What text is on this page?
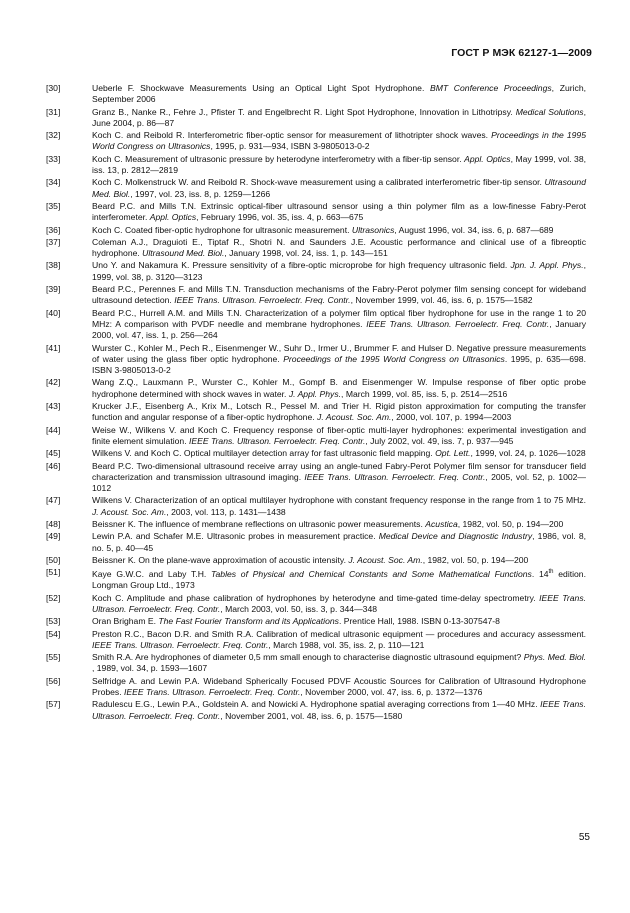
ГОСТ Р МЭК 62127-1—2009
[30]	Ueberle F. Shockwave Measurements Using an Optical Light Spot Hydrophone. BMT Conference Proceedings, Zurich, September 2006
[31]	Granz B., Nanke R., Fehre J., Pfister T. and Engelbrecht R. Light Spot Hydrophone, Innovation in Lithotripsy. Medical Solutions, June 2004, p. 86—87
[32]	Koch C. and Reibold R. Interferometric fiber-optic sensor for measurement of lithotripter shock waves. Proceedings in the 1995 World Congress on Ultrasonics, 1995, p. 931—934, ISBN 3-9805013-0-2
[33]	Koch C. Measurement of ultrasonic pressure by heterodyne interferometry with a fiber-tip sensor. Appl. Optics, May 1999, vol. 38, iss. 13, p. 2812—2819
[34]	Koch C. Molkenstruck W. and Reibold R. Shock-wave measurement using a calibrated interferometric fiber-tip sensor. Ultrasound Med. Biol., 1997, vol. 23, iss. 8, p. 1259—1266
[35]	Beard P.C. and Mills T.N. Extrinsic optical-fiber ultrasound sensor using a thin polymer film as a low-finesse Fabry-Perot interferometer. Appl. Optics, February 1996, vol. 35, iss. 4, p. 663—675
[36]	Koch C. Coated fiber-optic hydrophone for ultrasonic measurement. Ultrasonics, August 1996, vol. 34, iss. 6, p. 687—689
[37]	Coleman A.J., Draguioti E., Tiptaf R., Shotri N. and Saunders J.E. Acoustic performance and clinical use of a fibreoptic hydrophone. Ultrasound Med. Biol., January 1998, vol. 24, iss. 1, p. 143—151
[38]	Uno Y. and Nakamura K. Pressure sensitivity of a fibre-optic microprobe for high frequency ultrasonic field. Jpn. J. Appl. Phys., 1999, vol. 38, p. 3120—3123
[39]	Beard P.C., Perennes F. and Mills T.N. Transduction mechanisms of the Fabry-Perot polymer film sensing concept for wideband ultrasound detection. IEEE Trans. Ultrason. Ferroelectr. Freq. Contr., November 1999, vol. 46, iss. 6, p. 1575—1582
[40]	Beard P.C., Hurrell A.M. and Mills T.N. Characterization of a polymer film optical fiber hydrophone for use in the range 1 to 20 MHz: A comparison with PVDF needle and membrane hydrophones. IEEE Trans. Ultrason. Ferroelectr. Freq. Contr., January 2000, vol. 47, iss. 1, p. 256—264
[41]	Wurster C., Kohler M., Pech R., Eisenmenger W., Suhr D., Irmer U., Brummer F. and Hulser D. Negative pressure measurements of water using the glass fiber optic hydrophone. Proceedings of the 1995 World Congress on Ultrasonics. 1995, p. 635—698. ISBN 3-9805013-0-2
[42]	Wang Z.Q., Lauxmann P., Wurster C., Kohler M., Gompf B. and Eisenmenger W. Impulse response of fiber optic probe hydrophone determined with shock waves in water. J. Appl. Phys., March 1999, vol. 85, iss. 5, p. 2514—2516
[43]	Krucker J.F., Eisenberg A., Krix M., Lotsch R., Pessel M. and Trier H. Rigid piston approximation for computing the transfer function and angular response of a fiber-optic hydrophone. J. Acoust. Soc. Am., 2000, vol. 107, p. 1994—2003
[44]	Weise W., Wilkens V. and Koch C. Frequency response of fiber-optic multi-layer hydrophones: experimental investigation and finite element simulation. IEEE Trans. Ultrason. Ferroelectr. Freq. Contr., July 2002, vol. 49, iss. 7, p. 937—945
[45]	Wilkens V. and Koch C. Optical multilayer detection array for fast ultrasonic field mapping. Opt. Lett., 1999, vol. 24, p. 1026—1028
[46]	Beard P.C. Two-dimensional ultrasound receive array using an angle-tuned Fabry-Perot Polymer film sensor for transducer field characterization and transmission ultrasound imaging. IEEE Trans. Ultrason. Ferroelectr. Freq. Contr., 2005, vol. 52, p. 1002—1012
[47]	Wilkens V. Characterization of an optical multilayer hydrophone with constant frequency response in the range from 1 to 75 MHz. J. Acoust. Soc. Am., 2003, vol. 113, p. 1431—1438
[48]	Beissner K. The influence of membrane reflections on ultrasonic power measurements. Acustica, 1982, vol. 50, p. 194—200
[49]	Lewin P.A. and Schafer M.E. Ultrasonic probes in measurement practice. Medical Device and Diagnostic Industry, 1986, vol. 8, no. 5, p. 40—45
[50]	Beissner K. On the plane-wave approximation of acoustic intensity. J. Acoust. Soc. Am., 1982, vol. 50, p. 194—200
[51]	Kaye G.W.C. and Laby T.H. Tables of Physical and Chemical Constants and Some Mathematical Functions. 14th edition. Longman Group Ltd., 1973
[52]	Koch C. Amplitude and phase calibration of hydrophones by heterodyne and time-gated time-delay spectrometry. IEEE Trans. Ultrason. Ferroelectr. Freq. Contr., March 2003, vol. 50, iss. 3, p. 344—348
[53]	Oran Brigham E. The Fast Fourier Transform and its Applications. Prentice Hall, 1988. ISBN 0-13-307547-8
[54]	Preston R.C., Bacon D.R. and Smith R.A. Calibration of medical ultrasonic equipment — procedures and accuracy assessment. IEEE Trans. Ultrason. Ferroelectr. Freq. Contr., March 1988, vol. 35, iss. 2, p. 110—121
[55]	Smith R.A. Are hydrophones of diameter 0,5 mm small enough to characterise diagnostic ultrasound equipment? Phys. Med. Biol. , 1989, vol. 34, p. 1593—1607
[56]	Selfridge A. and Lewin P.A. Wideband Spherically Focused PDVF Acoustic Sources for Calibration of Ultrasound Hydrophone Probes. IEEE Trans. Ultrason. Ferroelectr. Freq. Contr., November 2000, vol. 47, iss. 6, p. 1372—1376
[57]	Radulescu E.G., Lewin P.A., Goldstein A. and Nowicki A. Hydrophone spatial averaging corrections from 1—40 MHz. IEEE Trans. Ultrason. Ferroelectr. Freq. Contr., November 2001, vol. 48, iss. 6, p. 1575—1580
55
